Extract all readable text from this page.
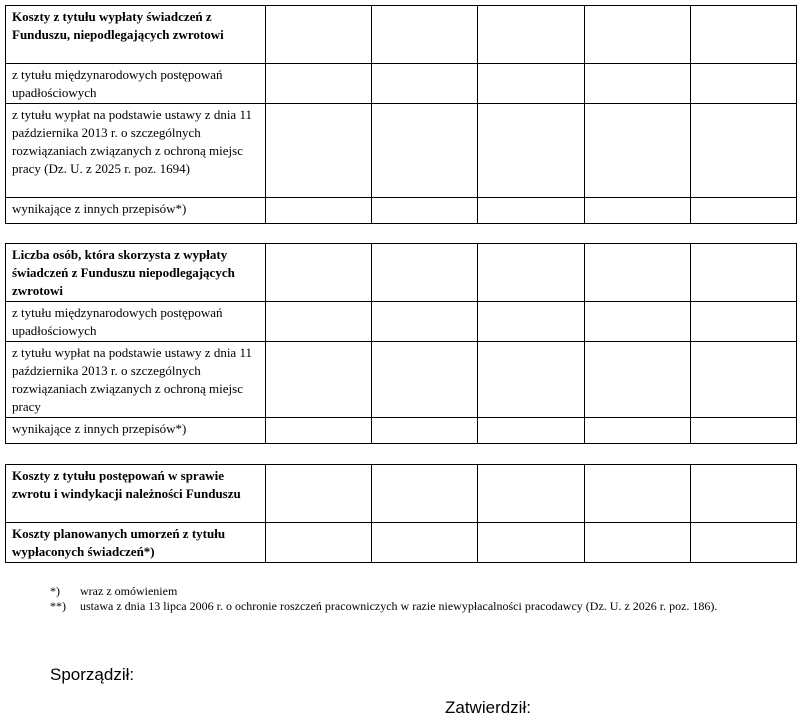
Koszty z tytułu wypłaty świadczeń z Funduszu, niepodlegających zwrotowi					
z tytułu międzynarodowych postępowań upadłościowych					
z tytułu wypłat na podstawie ustawy z dnia 11 października 2013 r. o szczególnych rozwiązaniach związanych z ochroną miejsc pracy (Dz. U. z 2025 r. poz. 1694)					
wynikające z innych przepisów*)					
Liczba osób, która skorzysta z wypłaty świadczeń z Funduszu niepodlegających zwrotowi					
z tytułu międzynarodowych postępowań upadłościowych					
z tytułu wypłat na podstawie ustawy z dnia 11 października 2013 r. o szczególnych rozwiązaniach związanych z ochroną miejsc pracy					
wynikające z innych przepisów*)					
Koszty z tytułu postępowań w sprawie zwrotu i windykacji należności Funduszu					
Koszty planowanych umorzeń z tytułu wypłaconych świadczeń*)					
*)	wraz z omówieniem
**)	ustawa z dnia 13 lipca 2006 r. o ochronie roszczeń pracowniczych w razie niewypłacalności pracodawcy (Dz. U. z 2026 r. poz. 186).
Sporządził:
Zatwierdził:
